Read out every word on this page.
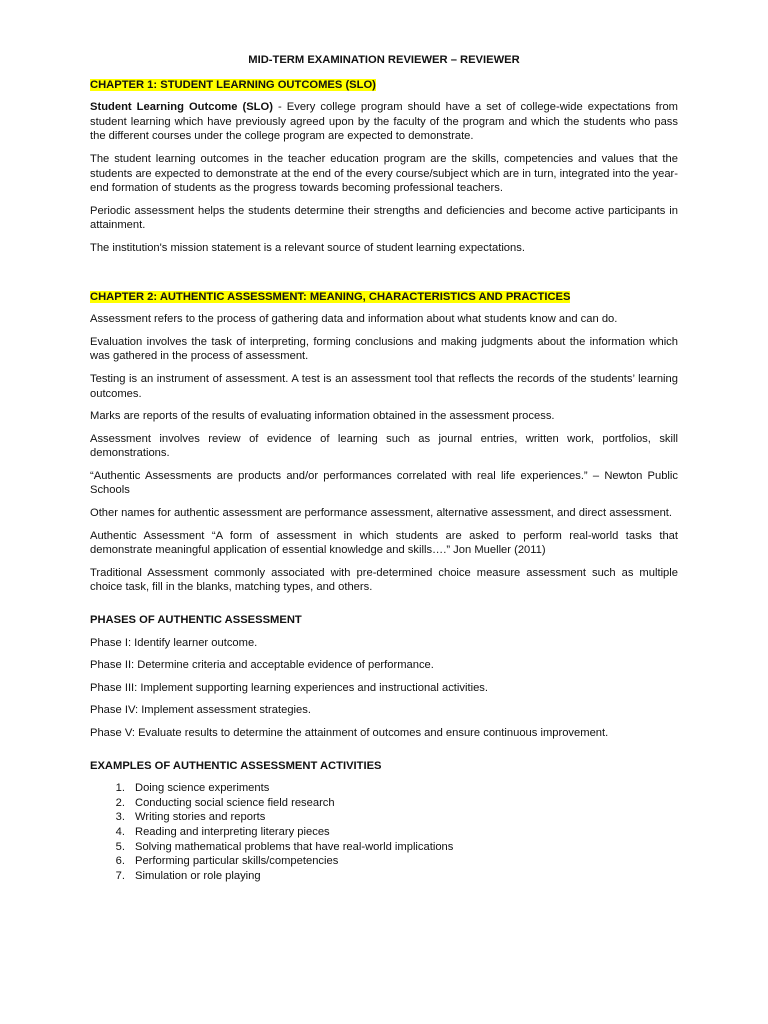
MID-TERM EXAMINATION REVIEWER – REVIEWER
CHAPTER 1: STUDENT LEARNING OUTCOMES (SLO)

Student Learning Outcome (SLO) - Every college program should have a set of college-wide expectations from student learning which have previously agreed upon by the faculty of the program and which the students who pass the different courses under the college program are expected to demonstrate.

The student learning outcomes in the teacher education program are the skills, competencies and values that the students are expected to demonstrate at the end of the every course/subject which are in turn, integrated into the year-end formation of students as the progress towards becoming professional teachers.

Periodic assessment helps the students determine their strengths and deficiencies and become active participants in attainment.

The institution's mission statement is a relevant source of student learning expectations.

CHAPTER 2: AUTHENTIC ASSESSMENT: MEANING, CHARACTERISTICS AND PRACTICES

Assessment refers to the process of gathering data and information about what students know and can do.

Evaluation involves the task of interpreting, forming conclusions and making judgments about the information which was gathered in the process of assessment.

Testing is an instrument of assessment. A test is an assessment tool that reflects the records of the students’ learning outcomes.

Marks are reports of the results of evaluating information obtained in the assessment process.

Assessment involves review of evidence of learning such as journal entries, written work, portfolios, skill demonstrations.

“Authentic Assessments are products and/or performances correlated with real life experiences.” – Newton Public Schools

Other names for authentic assessment are performance assessment, alternative assessment, and direct assessment.

Authentic Assessment “A form of assessment in which students are asked to perform real-world tasks that demonstrate meaningful application of essential knowledge and skills….” Jon Mueller (2011)

Traditional Assessment commonly associated with pre-determined choice measure assessment such as multiple choice task, fill in the blanks, matching types, and others.

PHASES OF AUTHENTIC ASSESSMENT

Phase I: Identify learner outcome.

Phase II: Determine criteria and acceptable evidence of performance.

Phase III: Implement supporting learning experiences and instructional activities.

Phase IV: Implement assessment strategies.

Phase V: Evaluate results to determine the attainment of outcomes and ensure continuous improvement.

EXAMPLES OF AUTHENTIC ASSESSMENT ACTIVITIES
1. Doing science experiments
2. Conducting social science field research
3. Writing stories and reports
4. Reading and interpreting literary pieces
5. Solving mathematical problems that have real-world implications
6. Performing particular skills/competencies
7. Simulation or role playing
